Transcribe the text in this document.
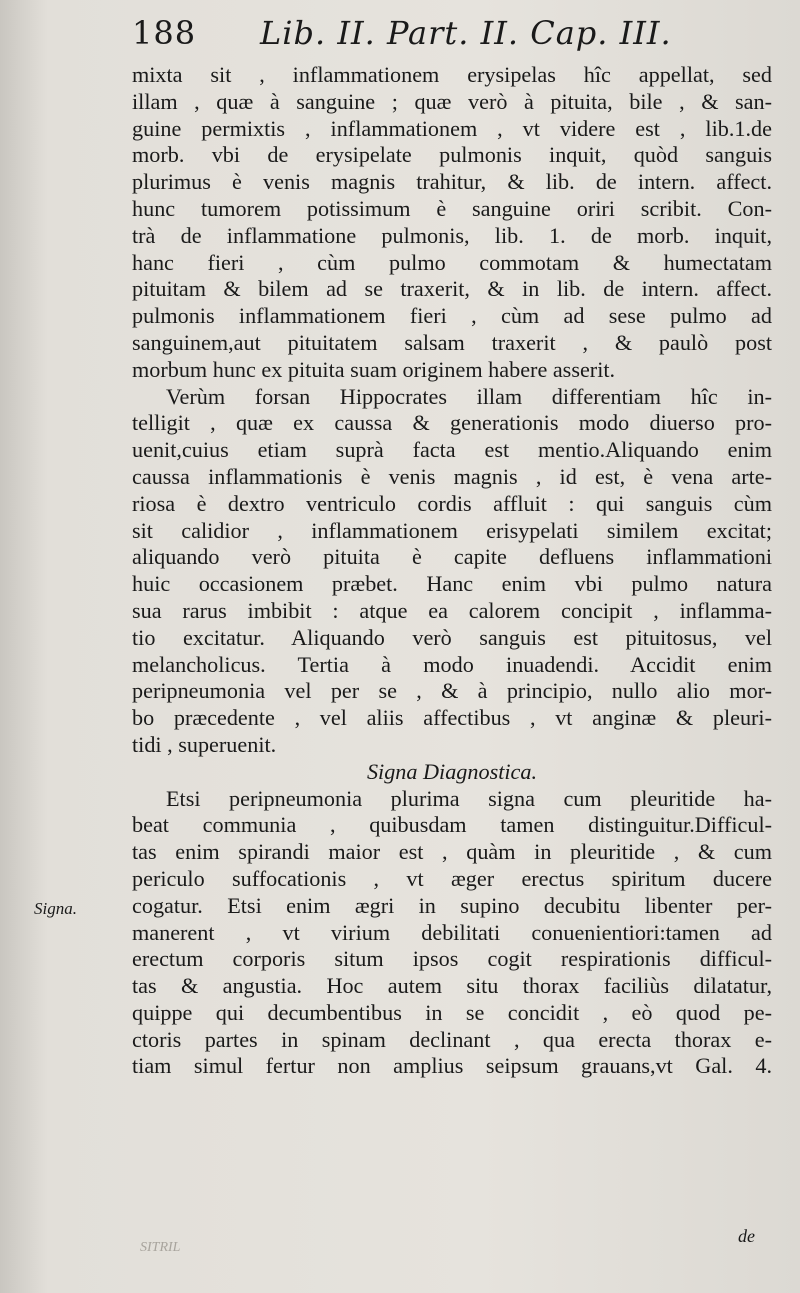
188 Lib. II. Part. II. Cap. III.
Signa.
mixta sit , inflammationem erysipelas hîc appellat, sed
illam , quæ à sanguine ; quæ verò à pituita, bile , & san-
guine permixtis , inflammationem , vt videre est , lib.1.de
morb. vbi de erysipelate pulmonis inquit, quòd sanguis
plurimus è venis magnis trahitur, & lib. de intern. affect.
hunc tumorem potissimum è sanguine oriri scribit. Con-
trà de inflammatione pulmonis, lib. 1. de morb. inquit,
hanc fieri , cùm pulmo commotam & humectatam
pituitam & bilem ad se traxerit, & in lib. de intern. affect.
pulmonis inflammationem fieri , cùm ad sese pulmo ad
sanguinem,aut pituitatem salsam traxerit , & paulò post
morbum hunc ex pituita suam originem habere asserit.
Verùm forsan Hippocrates illam differentiam hîc in-
telligit , quæ ex caussa & generationis modo diuerso pro-
uenit,cuius etiam suprà facta est mentio.Aliquando enim
caussa inflammationis è venis magnis , id est, è vena arte-
riosa è dextro ventriculo cordis affluit : qui sanguis cùm
sit calidior , inflammationem erisypelati similem excitat;
aliquando verò pituita è capite defluens inflammationi
huic occasionem præbet. Hanc enim vbi pulmo natura
sua rarus imbibit : atque ea calorem concipit , inflamma-
tio excitatur. Aliquando verò sanguis est pituitosus, vel
melancholicus. Tertia à modo inuadendi. Accidit enim
peripneumonia vel per se , & à principio, nullo alio mor-
bo præcedente , vel aliis affectibus , vt anginæ & pleuri-
tidi , superuenit.
Signa Diagnostica.
Etsi peripneumonia plurima signa cum pleuritide ha-
beat communia , quibusdam tamen distinguitur.Difficul-
tas enim spirandi maior est , quàm in pleuritide , & cum
periculo suffocationis , vt æger erectus spiritum ducere
cogatur. Etsi enim ægri in supino decubitu libenter per-
manerent , vt virium debilitati conuenientiori:tamen ad
erectum corporis situm ipsos cogit respirationis difficul-
tas & angustia. Hoc autem situ thorax faciliùs dilatatur,
quippe qui decumbentibus in se concidit , eò quod pe-
ctoris partes in spinam declinant , qua erecta thorax e-
tiam simul fertur non amplius seipsum grauans,vt Gal. 4.
de
SITRIL
